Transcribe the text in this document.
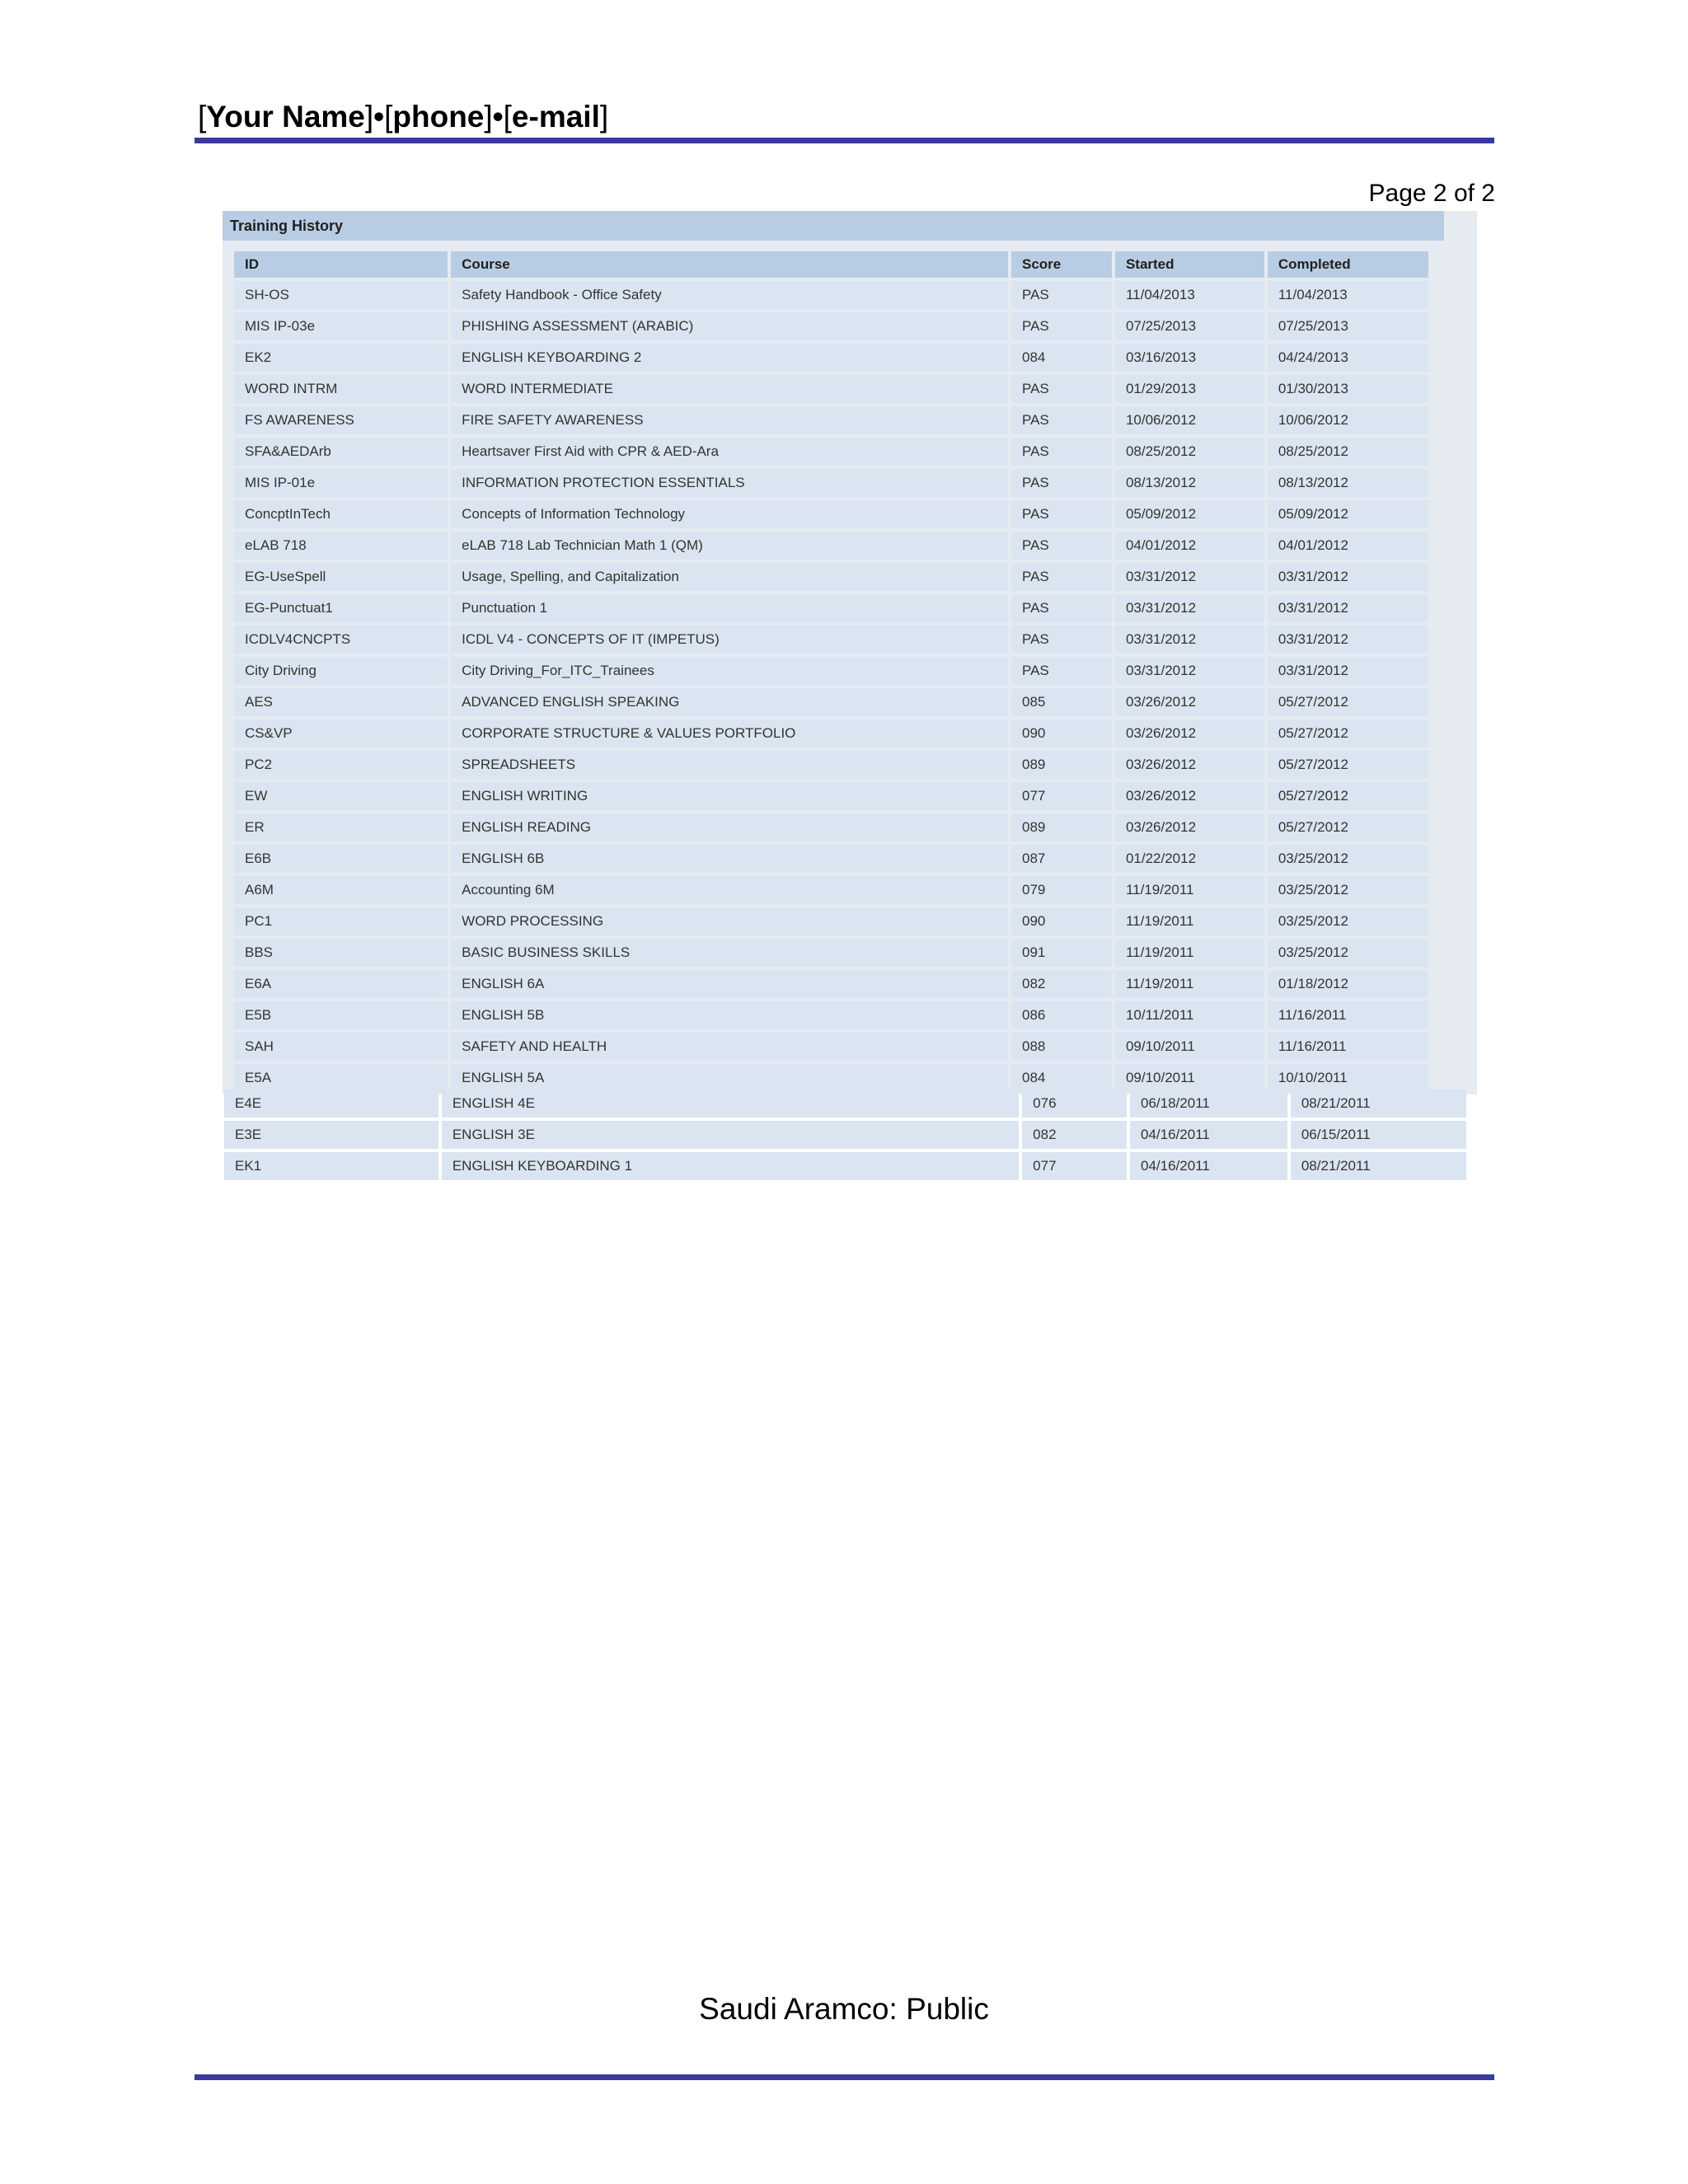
[Your Name]•[phone]•[e-mail]
Page 2 of 2
Training History
ID	Course	Score	Started	Completed
SH-OS	Safety Handbook - Office Safety	PAS	11/04/2013	11/04/2013
MIS IP-03e	PHISHING ASSESSMENT (ARABIC)	PAS	07/25/2013	07/25/2013
EK2	ENGLISH KEYBOARDING 2	084	03/16/2013	04/24/2013
WORD INTRM	WORD INTERMEDIATE	PAS	01/29/2013	01/30/2013
FS AWARENESS	FIRE SAFETY AWARENESS	PAS	10/06/2012	10/06/2012
SFA&AEDArb	Heartsaver First Aid with CPR & AED-Ara	PAS	08/25/2012	08/25/2012
MIS IP-01e	INFORMATION PROTECTION ESSENTIALS	PAS	08/13/2012	08/13/2012
ConcptInTech	Concepts of Information Technology	PAS	05/09/2012	05/09/2012
eLAB 718	eLAB 718 Lab Technician Math 1 (QM)	PAS	04/01/2012	04/01/2012
EG-UseSpell	Usage, Spelling, and Capitalization	PAS	03/31/2012	03/31/2012
EG-Punctuat1	Punctuation 1	PAS	03/31/2012	03/31/2012
ICDLV4CNCPTS	ICDL V4 - CONCEPTS OF IT (IMPETUS)	PAS	03/31/2012	03/31/2012
City Driving	City Driving_For_ITC_Trainees	PAS	03/31/2012	03/31/2012
AES	ADVANCED ENGLISH SPEAKING	085	03/26/2012	05/27/2012
CS&VP	CORPORATE STRUCTURE & VALUES PORTFOLIO	090	03/26/2012	05/27/2012
PC2	SPREADSHEETS	089	03/26/2012	05/27/2012
EW	ENGLISH WRITING	077	03/26/2012	05/27/2012
ER	ENGLISH READING	089	03/26/2012	05/27/2012
E6B	ENGLISH 6B	087	01/22/2012	03/25/2012
A6M	Accounting 6M	079	11/19/2011	03/25/2012
PC1	WORD PROCESSING	090	11/19/2011	03/25/2012
BBS	BASIC BUSINESS SKILLS	091	11/19/2011	03/25/2012
E6A	ENGLISH 6A	082	11/19/2011	01/18/2012
E5B	ENGLISH 5B	086	10/11/2011	11/16/2011
SAH	SAFETY AND HEALTH	088	09/10/2011	11/16/2011
E5A	ENGLISH 5A	084	09/10/2011	10/10/2011
E4E	ENGLISH 4E	076	06/18/2011	08/21/2011
E3E	ENGLISH 3E	082	04/16/2011	06/15/2011
EK1	ENGLISH KEYBOARDING 1	077	04/16/2011	08/21/2011
Saudi Aramco: Public
